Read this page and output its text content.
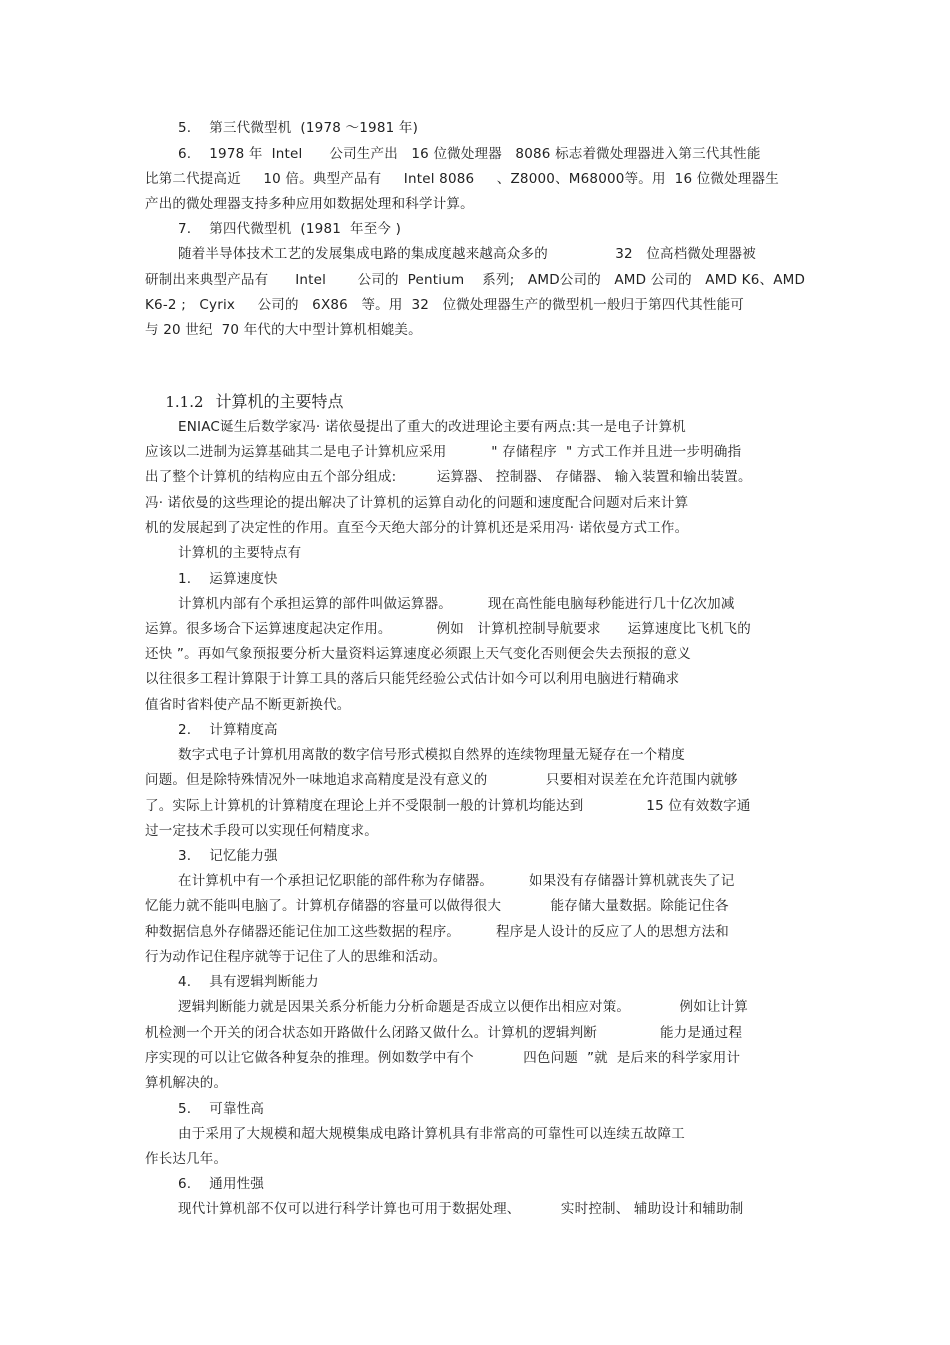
1.1.2 计算机的主要特点

5.    第三代微型机  (1978 ～1981 年)
6.    1978 年  Intel      公司生产出   16 位微处理器   8086 标志着微处理器进入第三代其性能
比第二代提高近     10 倍。典型产品有     Intel 8086     、Z8000、M68000等。用  16 位微处理器生
产出的微处理器支持多种应用如数据处理和科学计算。
7.    第四代微型机  (1981  年至今 )
随着半导体技术工艺的发展集成电路的集成度越来越高众多的               32   位高档微处理器被
研制出来典型产品有      Intel       公司的  Pentium    系列;   AMD公司的   AMD 公司的   AMD K6、AMD
K6-2 ;   Cyrix     公司的   6X86   等。用  32   位微处理器生产的微型机一般归于第四代其性能可
与 20 世纪  70 年代的大中型计算机相媲美。
ENIAC诞生后数学家冯· 诺依曼提出了重大的改进理论主要有两点:其一是电子计算机
应该以二进制为运算基础其二是电子计算机应采用          " 存储程序  " 方式工作并且进一步明确指
出了整个计算机的结构应由五个部分组成:         运算器、 控制器、 存储器、 输入装置和输出装置。
冯· 诺依曼的这些理论的提出解决了计算机的运算自动化的问题和速度配合问题对后来计算
机的发展起到了决定性的作用。直至今天绝大部分的计算机还是采用冯· 诺依曼方式工作。
计算机的主要特点有
1.    运算速度快
计算机内部有个承担运算的部件叫做运算器。        现在高性能电脑每秒能进行几十亿次加减
运算。很多场合下运算速度起决定作用。          例如   计算机控制导航要求      运算速度比飞机飞的
还快 ”。再如气象预报要分析大量资料运算速度必须跟上天气变化否则便会失去预报的意义
以往很多工程计算限于计算工具的落后只能凭经验公式估计如今可以利用电脑进行精确求
值省时省料使产品不断更新换代。
2.    计算精度高
数字式电子计算机用离散的数字信号形式模拟自然界的连续物理量无疑存在一个精度
问题。但是除特殊情况外一味地追求高精度是没有意义的             只要相对误差在允许范围内就够
了。实际上计算机的计算精度在理论上并不受限制一般的计算机均能达到              15 位有效数字通
过一定技术手段可以实现任何精度求。
3.    记忆能力强
在计算机中有一个承担记忆职能的部件称为存储器。        如果没有存储器计算机就丧失了记
忆能力就不能叫电脑了。计算机存储器的容量可以做得很大           能存储大量数据。除能记住各
种数据信息外存储器还能记住加工这些数据的程序。        程序是人设计的反应了人的思想方法和
行为动作记住程序就等于记住了人的思维和活动。
4.    具有逻辑判断能力
逻辑判断能力就是因果关系分析能力分析命题是否成立以便作出相应对策。           例如让计算
机检测一个开关的闭合状态如开路做什么闭路又做什么。计算机的逻辑判断              能力是通过程
序实现的可以让它做各种复杂的推理。例如数学中有个           四色问题  ”就  是后来的科学家用计
算机解决的。
5.    可靠性高
由于采用了大规模和超大规模集成电路计算机具有非常高的可靠性可以连续五故障工
作长达几年。
6.    通用性强
现代计算机部不仅可以进行科学计算也可用于数据处理、         实时控制、 辅助设计和辅助制
